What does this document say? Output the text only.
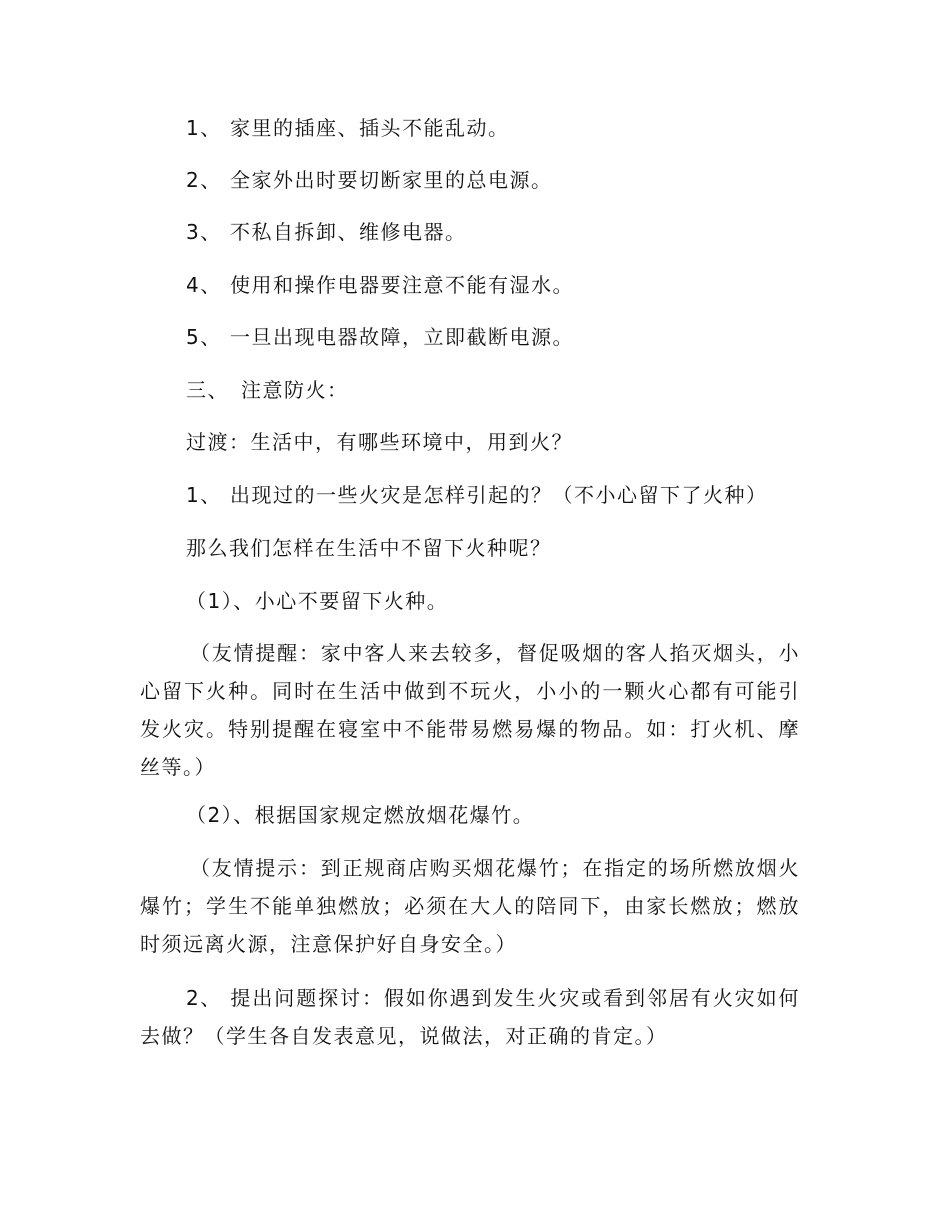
1、 家里的插座、插头不能乱动。
2、 全家外出时要切断家里的总电源。
3、 不私自拆卸、维修电器。
4、 使用和操作电器要注意不能有湿水。
5、 一旦出现电器故障，立即截断电源。
三、 注意防火：
过渡：生活中，有哪些环境中，用到火？
1、 出现过的一些火灾是怎样引起的？（不小心留下了火种）
那么我们怎样在生活中不留下火种呢？
（1）、小心不要留下火种。
（友情提醒：家中客人来去较多，督促吸烟的客人掐灭烟头，小心留下火种。同时在生活中做到不玩火，小小的一颗火心都有可能引发火灾。特别提醒在寝室中不能带易燃易爆的物品。如：打火机、摩丝等。）
（2）、根据国家规定燃放烟花爆竹。
（友情提示：到正规商店购买烟花爆竹；在指定的场所燃放烟火爆竹；学生不能单独燃放；必须在大人的陪同下，由家长燃放；燃放时须远离火源，注意保护好自身安全。）
2、 提出问题探讨：假如你遇到发生火灾或看到邻居有火灾如何去做？（学生各自发表意见，说做法，对正确的肯定。）
